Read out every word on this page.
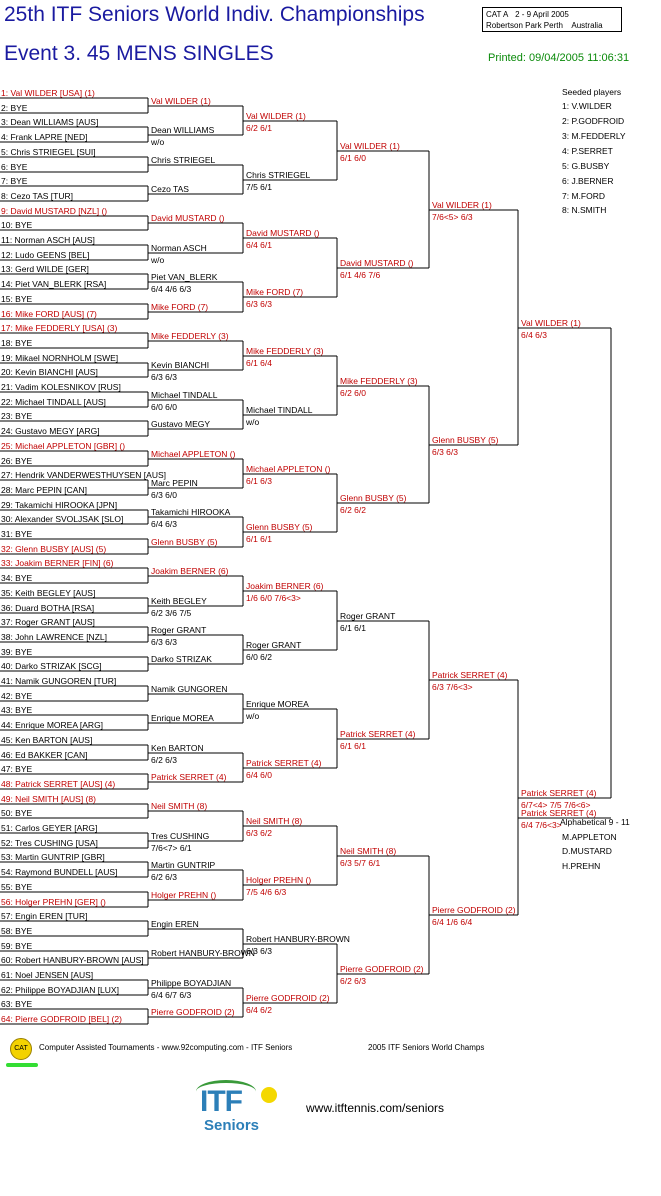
25th ITF Seniors World Indiv. Championships
Event 3. 45 MENS SINGLES
CAT A 2 - 9 April 2005
Robertson Park Perth Australia
Printed: 09/04/2005 11:06:31
1: Val WILDER [USA] (1)
2: BYE
3: Dean WILLIAMS [AUS]
4: Frank LAPRE [NED]
5: Chris STRIEGEL [SUI]
6: BYE
7: BYE
8: Cezo TAS [TUR]
9: David MUSTARD [NZL] ()
10: BYE
11: Norman ASCH [AUS]
12: Ludo GEENS [BEL]
13: Gerd WILDE [GER]
14: Piet VAN_BLERK [RSA]
15: BYE
16: Mike FORD [AUS] (7)
17: Mike FEDDERLY [USA] (3)
18: BYE
19: Mikael NORNHOLM [SWE]
20: Kevin BIANCHI [AUS]
21: Vadim KOLESNIKOV [RUS]
22: Michael TINDALL [AUS]
23: BYE
24: Gustavo MEGY [ARG]
25: Michael APPLETON [GBR] ()
26: BYE
27: Hendrik VANDERWESTHUYSEN [AUS]
28: Marc PEPIN [CAN]
29: Takamichi HIROOKA [JPN]
30: Alexander SVOLJSAK [SLO]
31: BYE
32: Glenn BUSBY [AUS] (5)
33: Joakim BERNER [FIN] (6)
34: BYE
35: Keith BEGLEY [AUS]
36: Duard BOTHA [RSA]
37: Roger GRANT [AUS]
38: John LAWRENCE [NZL]
39: BYE
40: Darko STRIZAK [SCG]
41: Namik GUNGOREN [TUR]
42: BYE
43: BYE
44: Enrique MOREA [ARG]
45: Ken BARTON [AUS]
46: Ed BAKKER [CAN]
47: BYE
48: Patrick SERRET [AUS] (4)
49: Neil SMITH [AUS] (8)
50: BYE
51: Carlos GEYER [ARG]
52: Tres CUSHING [USA]
53: Martin GUNTRIP [GBR]
54: Raymond BUNDELL [AUS]
55: BYE
56: Holger PREHN [GER] ()
57: Engin EREN [TUR]
58: BYE
59: BYE
60: Robert HANBURY-BROWN [AUS]
61: Noel JENSEN [AUS]
62: Philippe BOYADJIAN [LUX]
63: BYE
64: Pierre GODFROID [BEL] (2)
Val WILDER (1)
Dean WILLIAMS
w/o
Chris STRIEGEL
Cezo TAS
David MUSTARD ()
Norman ASCH
w/o
Piet VAN_BLERK
6/4 4/6 6/3
Mike FORD (7)
Mike FEDDERLY (3)
Kevin BIANCHI
6/3 6/3
Michael TINDALL
6/0 6/0
Gustavo MEGY
Michael APPLETON ()
Marc PEPIN
6/3 6/0
Takamichi HIROOKA
6/4 6/3
Glenn BUSBY (5)
Joakim BERNER (6)
Keith BEGLEY
6/2 3/6 7/5
Roger GRANT
6/3 6/3
Darko STRIZAK
Namik GUNGOREN
Enrique MOREA
Ken BARTON
6/2 6/3
Patrick SERRET (4)
Neil SMITH (8)
Tres CUSHING
7/6<7> 6/1
Martin GUNTRIP
6/2 6/3
Holger PREHN ()
Engin EREN
Robert HANBURY-BROWN
Philippe BOYADJIAN
6/4 6/7 6/3
Pierre GODFROID (2)
Val WILDER (1)
6/2 6/1
Chris STRIEGEL
7/5 6/1
David MUSTARD ()
6/4 6/1
Mike FORD (7)
6/3 6/3
Mike FEDDERLY (3)
6/1 6/4
Michael TINDALL
w/o
Michael APPLETON ()
6/1 6/3
Glenn BUSBY (5)
6/1 6/1
Joakim BERNER (6)
1/6 6/0 7/6<3>
Roger GRANT
6/0 6/2
Enrique MOREA
w/o
Patrick SERRET (4)
6/4 6/0
Neil SMITH (8)
6/3 6/2
Holger PREHN ()
7/5 4/6 6/3
Robert HANBURY-BROWN
6/3 6/3
Pierre GODFROID (2)
6/4 6/2
Val WILDER (1)
6/1 6/0
David MUSTARD ()
6/1 4/6 7/6
Mike FEDDERLY (3)
6/2 6/0
Glenn BUSBY (5)
6/2 6/2
Roger GRANT
6/1 6/1
Patrick SERRET (4)
6/1 6/1
Neil SMITH (8)
6/3 5/7 6/1
Pierre GODFROID (2)
6/2 6/3
Val WILDER (1)
7/6<5> 6/3
Glenn BUSBY (5)
6/3 6/3
Patrick SERRET (4)
6/3 7/6<3>
Pierre GODFROID (2)
6/4 1/6 6/4
Val WILDER (1)
6/4 6/3
Patrick SERRET (4)
6/7<4> 7/5 7/6<6>
Patrick SERRET (4)
6/4 7/6<3>
Seeded players
1: V.WILDER
2: P.GODFROID
3: M.FEDDERLY
4: P.SERRET
5: G.BUSBY
6: J.BERNER
7: M.FORD
8: N.SMITH
Alphabetical 9 - 11
M.APPLETON
D.MUSTARD
H.PREHN
CAT	Computer Assisted Tournaments - www.92computing.com - ITF Seniors	2005 ITF Seniors World Champs
ITF
Seniors
www.itftennis.com/seniors
